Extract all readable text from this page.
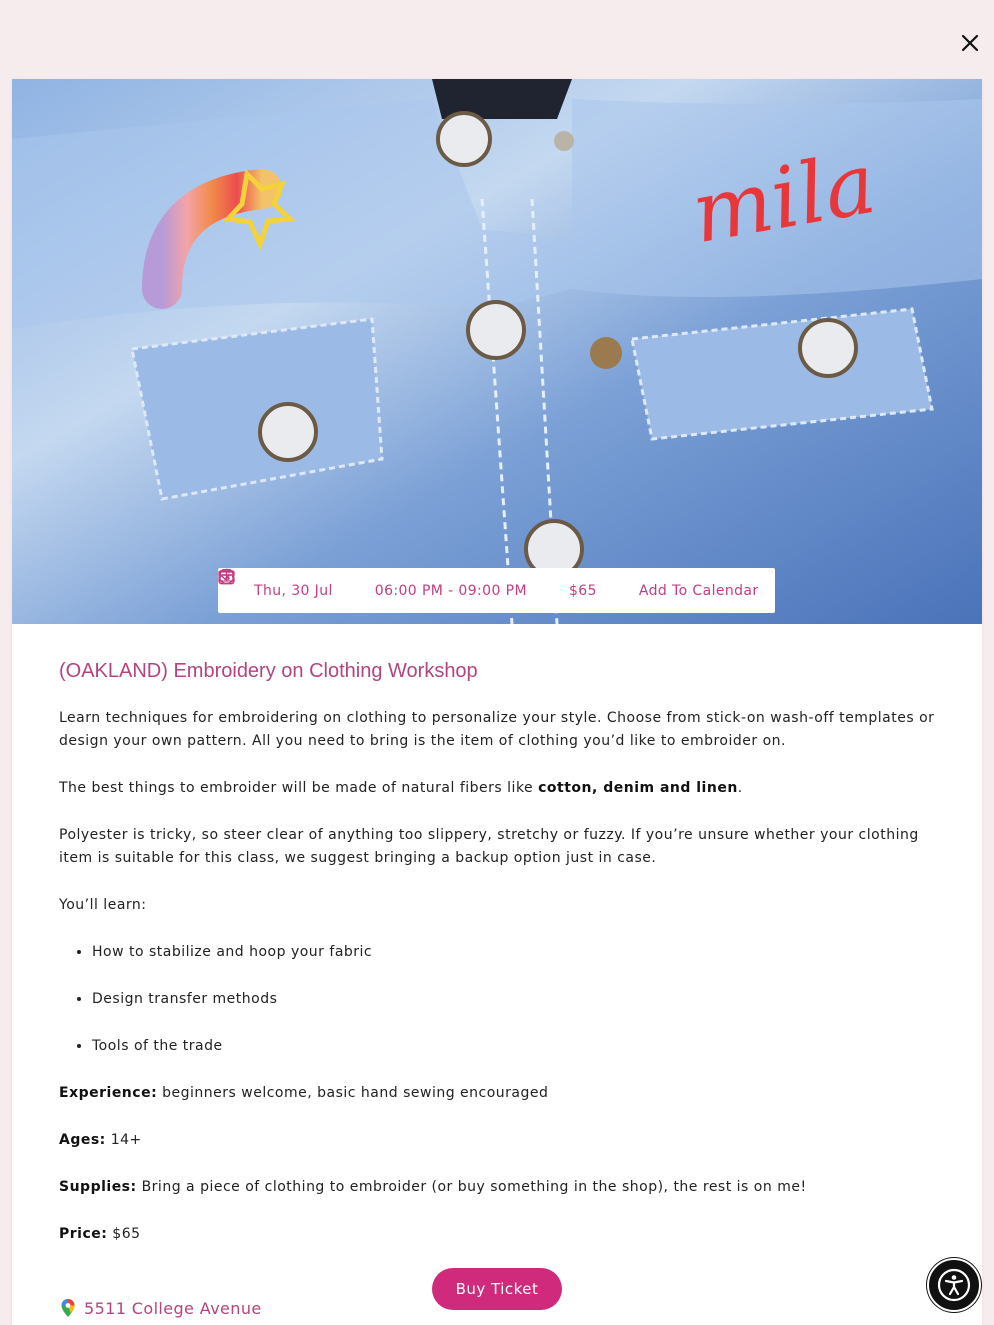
mila
Thu, 30 Jul	06:00 PM - 09:00 PM	$65	Add To Calendar
(OAKLAND) Embroidery on Clothing Workshop

Learn techniques for embroidering on clothing to personalize your style. Choose from stick-on wash-off templates or design your own pattern. All you need to bring is the item of clothing you’d like to embroider on.

The best things to embroider will be made of natural fibers like cotton, denim and linen.

Polyester is tricky, so steer clear of anything too slippery, stretchy or fuzzy. If you’re unsure whether your clothing item is suitable for this class, we suggest bringing a backup option just in case.

You’ll learn:

• How to stabilize and hoop your fabric
• Design transfer methods
• Tools of the trade

Experience: beginners welcome, basic hand sewing encouraged

Ages: 14+

Supplies: Bring a piece of clothing to embroider (or buy something in the shop), the rest is on me!

Price: $65

5511 College Avenue
Buy Ticket
